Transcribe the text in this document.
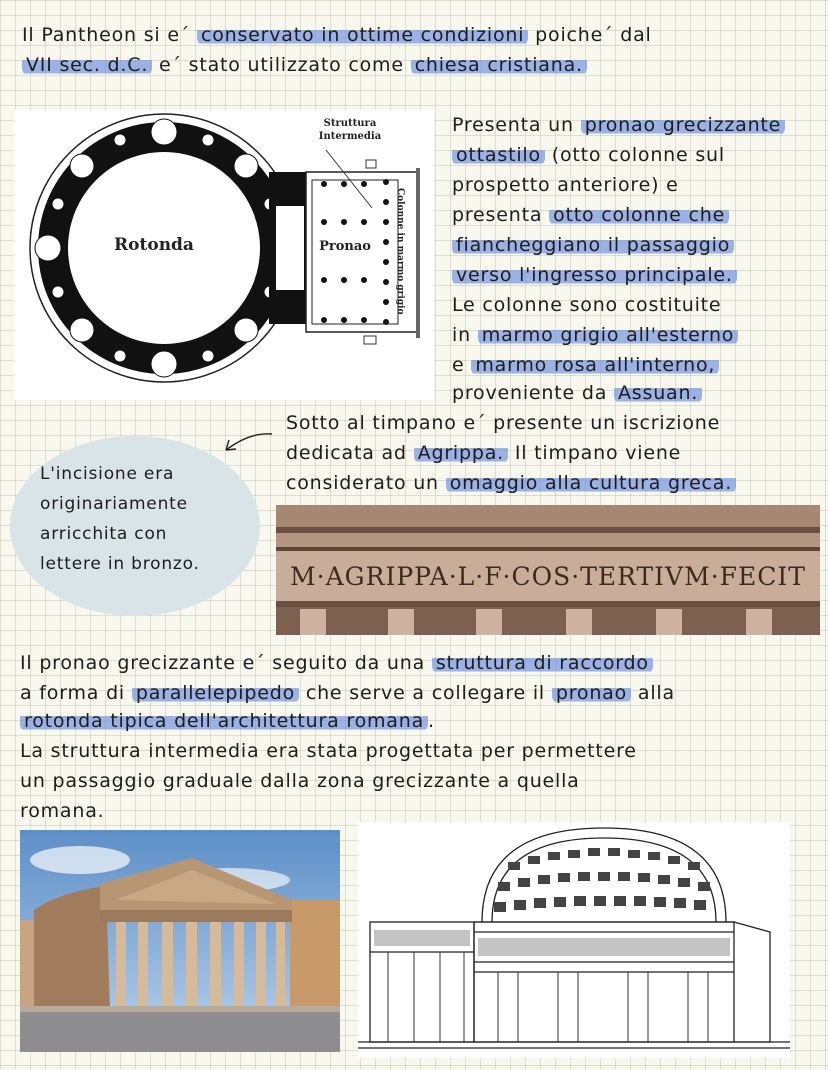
Il Pantheon si e´ conservato in ottime condizioni poiche´ dal
VII sec. d.C. e´ stato utilizzato come chiesa cristiana.
Rotonda	Pronao
Struttura
Intermedia
Colonne in marmo grigio
Presenta un pronao grecizzante
ottastilo (otto colonne sul
prospetto anteriore) e
presenta otto colonne che
fiancheggiano il passaggio
verso l'ingresso principale.
Le colonne sono costituite
in marmo grigio all'esterno
e marmo rosa all'interno,
proveniente da Assuan.
Sotto al timpano e´ presente un iscrizione
dedicata ad Agrippa. Il timpano viene
considerato un omaggio alla cultura greca.
L'incisione era
originariamente
arricchita con
lettere in bronzo.	M·AGRIPPA·L·F·COS·TERTIVM·FECIT
Il pronao grecizzante e´ seguito da una struttura di raccordo
a forma di parallelepipedo che serve a collegare il pronao alla
rotonda tipica dell'architettura romana .
La struttura intermedia era stata progettata per permettere
un passaggio graduale dalla zona grecizzante a quella
romana.
